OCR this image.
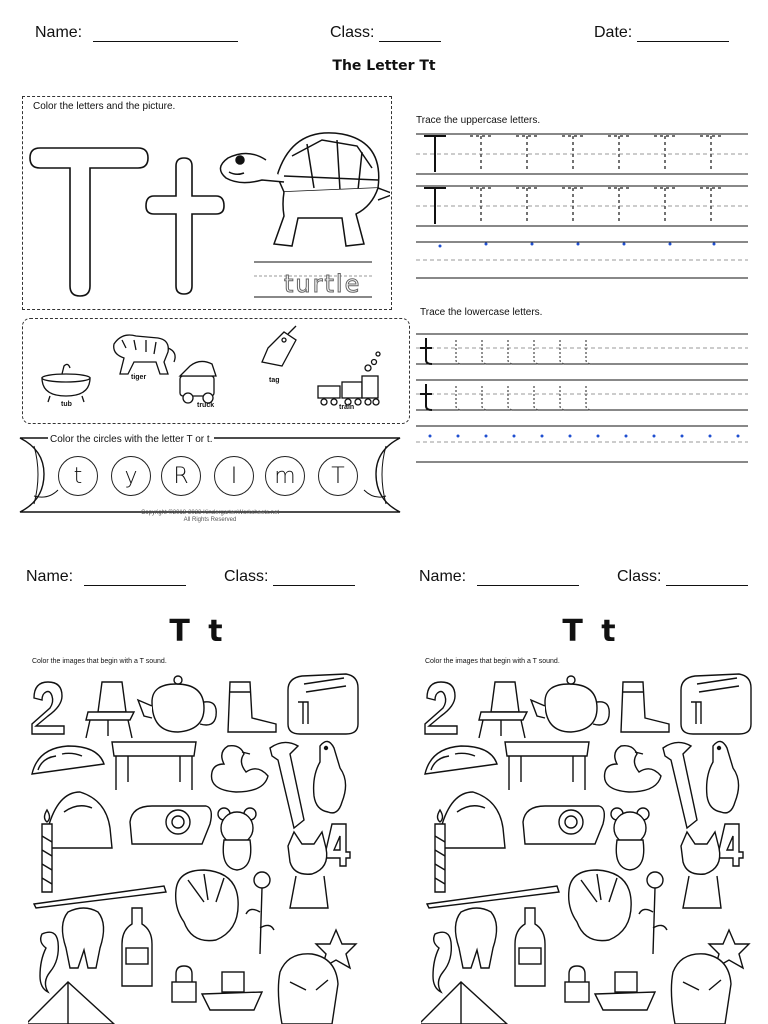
Name:	Class:	Date:
The Letter Tt
Color the letters and the picture.
turtle
tub
tiger
truck
tag
train
Color the circles with the letter T or t.
t	y	R	I	m	T
Copyright ©2018-2023 KindergartenWorksheets.net
All Rights Reserved
Trace the uppercase letters.
Trace the lowercase letters.
Name:	Class:
T t
Color the images that begin with a T sound.
Name:	Class:
T t
Color the images that begin with a T sound.
